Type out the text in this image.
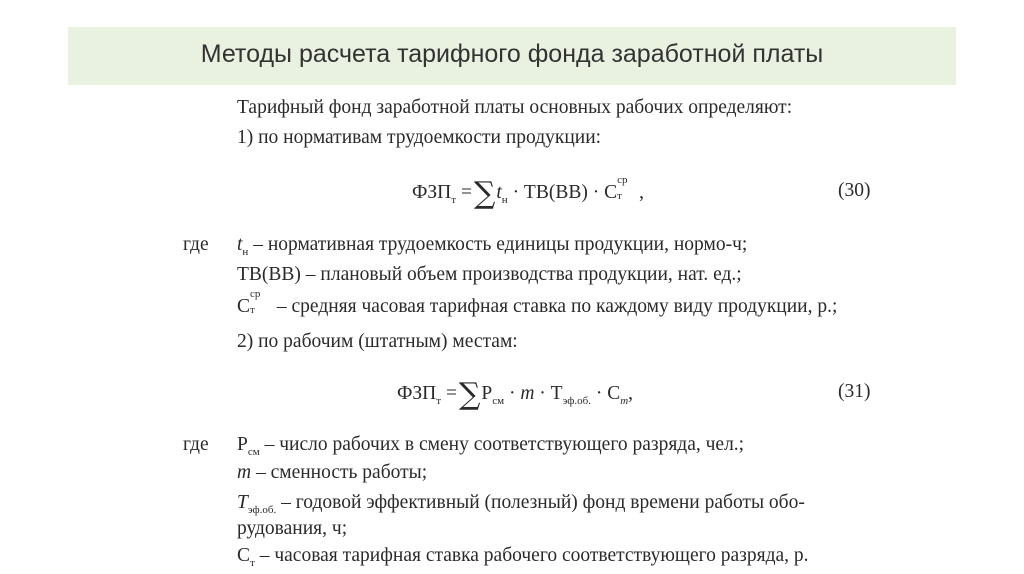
Методы расчета тарифного фонда заработной платы
Тарифный фонд заработной платы основных рабочих определяют:
1) по нормативам трудоемкости продукции:
$ФЗП_т =\sum t_н \cdot ТВ(ВВ) \cdot С$
ср
т ,	(30)
где $t_н$ – нормативная трудоемкость единицы продукции, нормо-ч;
ТВ(ВВ) – плановый объем производства продукции, нат. ед.;
С
ср
т – средняя часовая тарифная ставка по каждому виду продукции, р.;
2) по рабочим (штатным) местам:
$ФЗП_т =\sum Р_{см} \cdot m \cdot Т_{эф.об.} \cdot С_m$,	(31)
где $Р_{см}$ – число рабочих в смену соответствующего разряда, чел.;
m – сменность работы;
$Т_{эф.об.}$ – годовой эффективный (полезный) фонд времени работы обо-
рудования, ч;
$С_т$ – часовая тарифная ставка рабочего соответствующего разряда, р.
